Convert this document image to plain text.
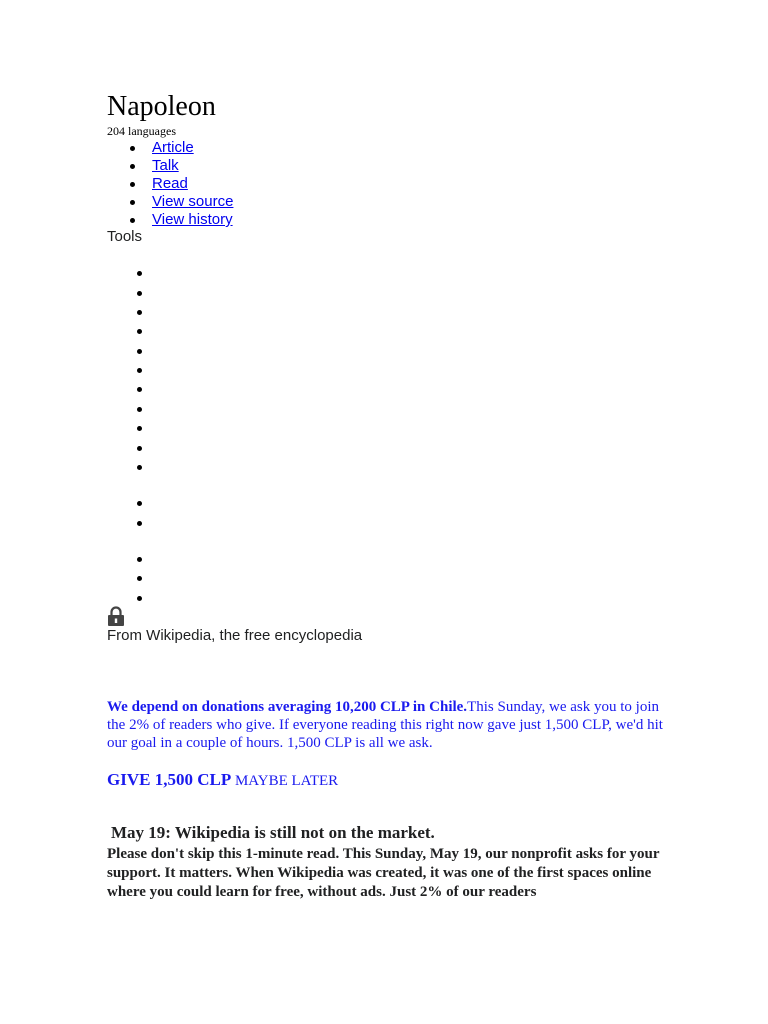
Napoleon
204 languages
Article
Talk
Read
View source
View history
Tools
From Wikipedia, the free encyclopedia

We depend on donations averaging 10,200 CLP in Chile.This Sunday, we ask you to join the 2% of readers who give. If everyone reading this right now gave just 1,500 CLP, we'd hit our goal in a couple of hours. 1,500 CLP is all we ask.

GIVE 1,500 CLP MAYBE LATER

May 19: Wikipedia is still not on the market.

Please don't skip this 1-minute read. This Sunday, May 19, our nonprofit asks for your support. It matters. When Wikipedia was created, it was one of the first spaces online where you could learn for free, without ads. Just 2% of our readers
